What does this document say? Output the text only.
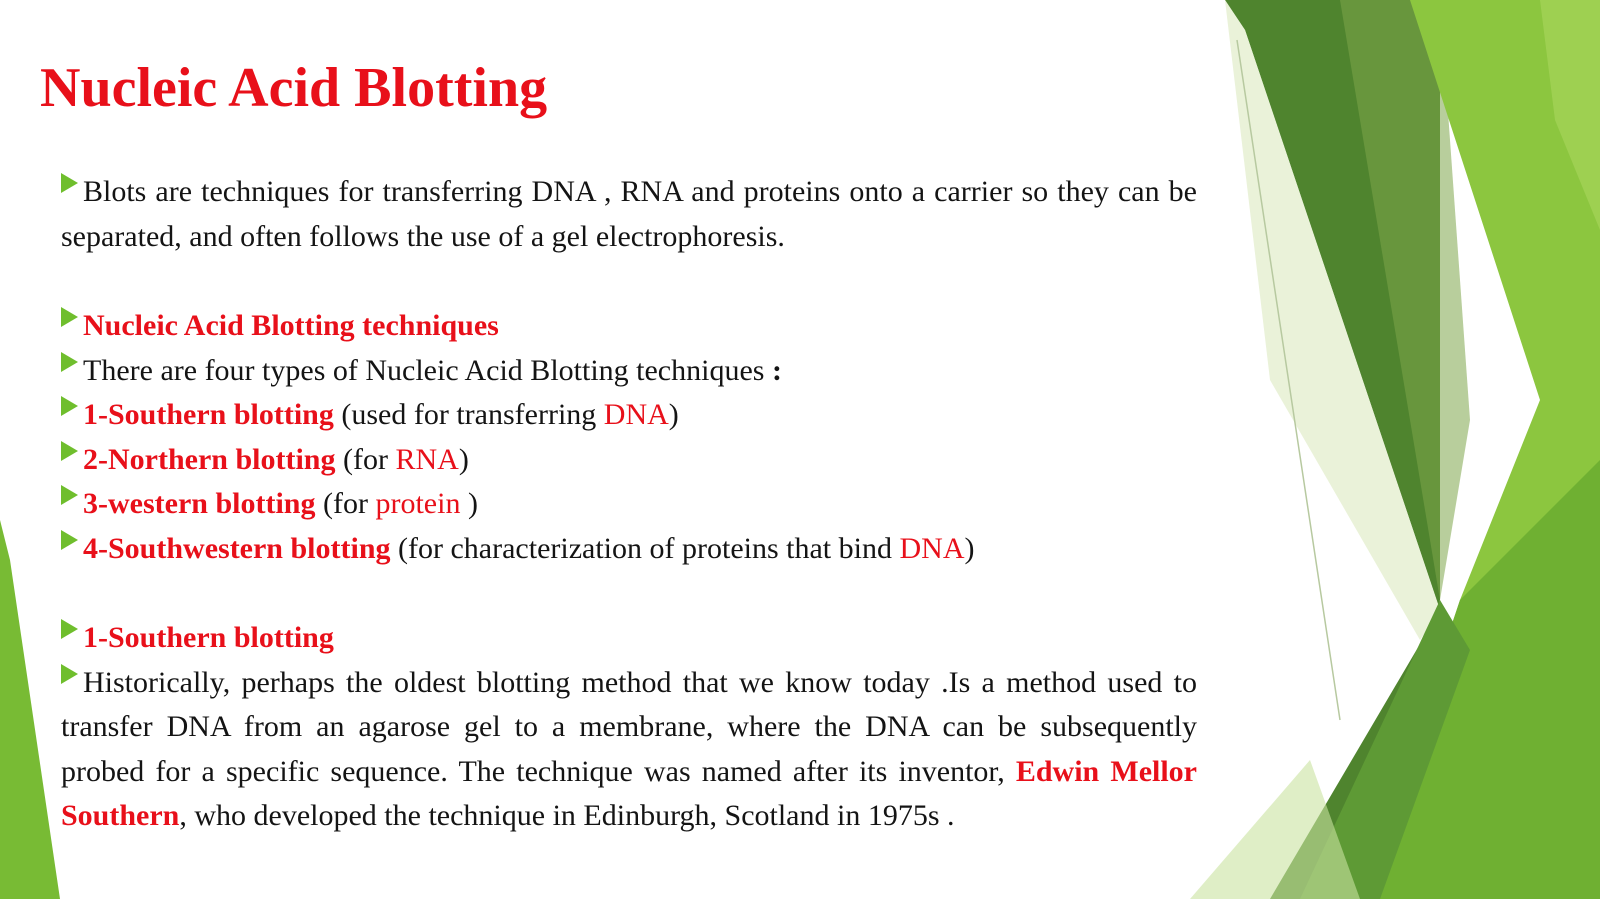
Nucleic Acid Blotting
Blots are techniques for transferring DNA , RNA and proteins onto a carrier so they can be separated, and often follows the use of a gel electrophoresis.
Nucleic Acid Blotting techniques
There are four types of Nucleic Acid Blotting techniques :
1-Southern blotting (used for transferring DNA)
2-Northern blotting (for RNA)
3-western blotting (for protein )
4-Southwestern blotting (for characterization of proteins that bind DNA)
1-Southern blotting
Historically, perhaps the oldest blotting method that we know today .Is a method used to transfer DNA from an agarose gel to a membrane, where the DNA can be subsequently probed for a specific sequence. The technique was named after its inventor, Edwin Mellor Southern, who developed the technique in Edinburgh, Scotland in 1975s .
